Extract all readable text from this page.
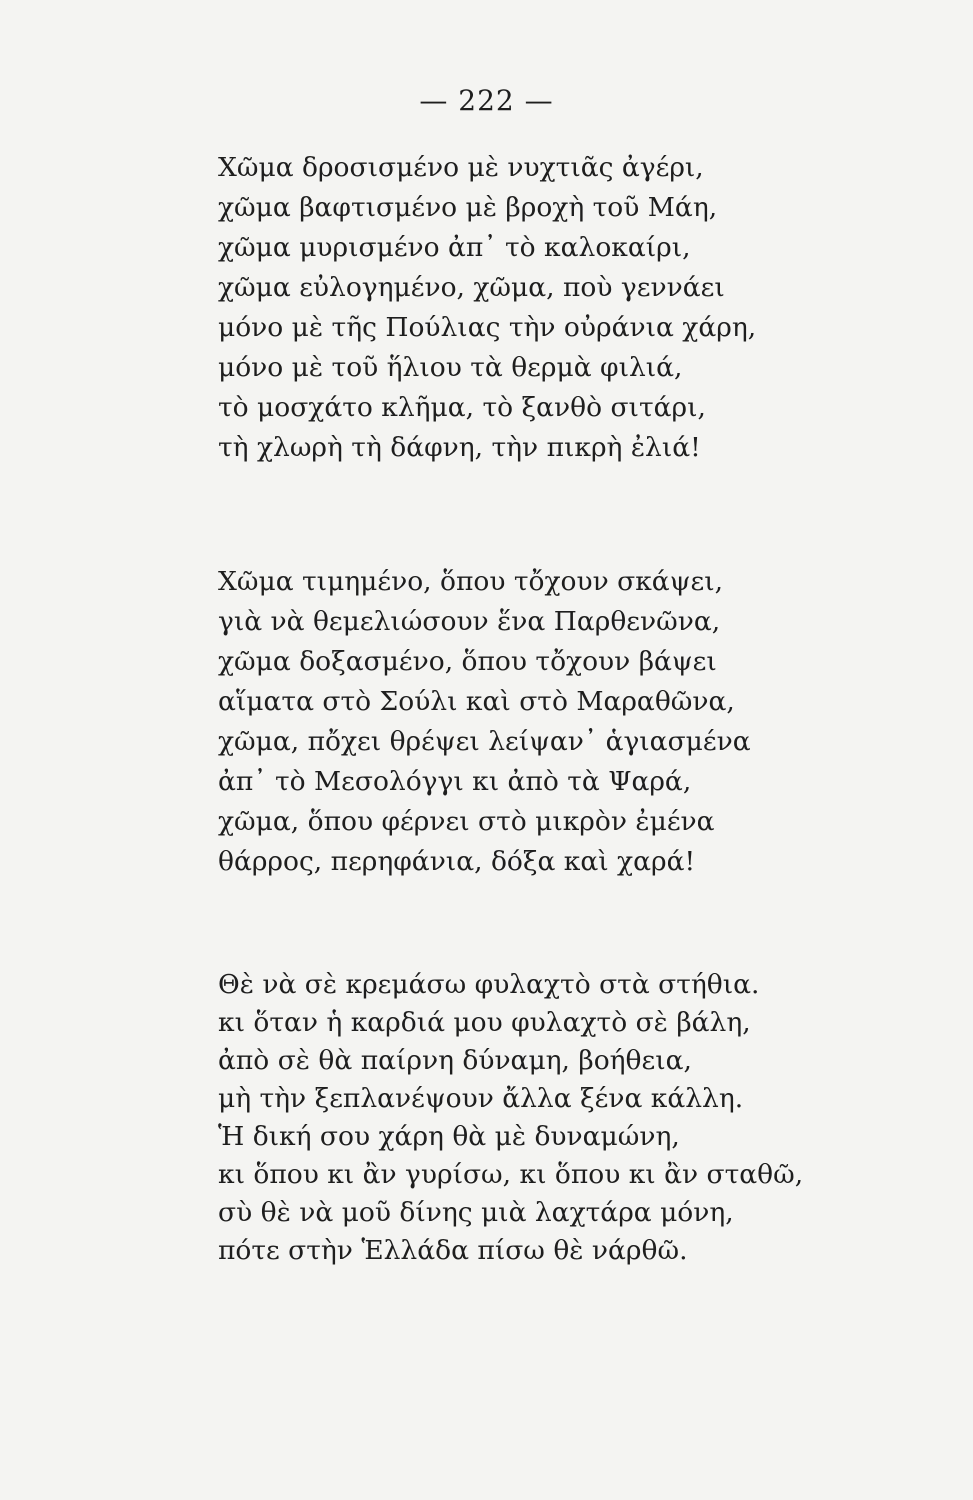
— 222 —
Χῶμα δροσισμένο μὲ νυχτιᾶς ἀγέρι,
χῶμα βαφτισμένο μὲ βροχὴ τοῦ Μάη,
χῶμα μυρισμένο ἀπ᾽ τὸ καλοκαίρι,
χῶμα εὐλογημένο, χῶμα, ποὺ γεννάει
μόνο μὲ τῆς Πούλιας τὴν οὐράνια χάρη,
μόνο μὲ τοῦ ἥλιου τὰ θερμὰ φιλιά,
τὸ μοσχάτο κλῆμα, τὸ ξανθὸ σιτάρι,
τὴ χλωρὴ τὴ δάφνη, τὴν πικρὴ ἐλιά!
Χῶμα τιμημένο, ὅπου τὄχουν σκάψει,
γιὰ νὰ θεμελιώσουν ἕνα Παρθενῶνα,
χῶμα δοξασμένο, ὅπου τὄχουν βάψει
αἵματα στὸ Σούλι καὶ στὸ Μαραθῶνα,
χῶμα, πὄχει θρέψει λείψαν᾽ ἁγιασμένα
ἀπ᾽ τὸ Μεσολόγγι κι ἀπὸ τὰ Ψαρά,
χῶμα, ὅπου φέρνει στὸ μικρὸν ἐμένα
θάρρος, περηφάνια, δόξα καὶ χαρά!
Θὲ νὰ σὲ κρεμάσω φυλαχτὸ στὰ στήθια.
κι ὅταν ἡ καρδιά μου φυλαχτὸ σὲ βάλη,
ἀπὸ σὲ θὰ παίρνη δύναμη, βοήθεια,
μὴ τὴν ξεπλανέψουν ἄλλα ξένα κάλλη.
Ἡ δική σου χάρη θὰ μὲ δυναμώνη,
κι ὅπου κι ἂν γυρίσω, κι ὅπου κι ἂν σταθῶ,
σὺ θὲ νὰ μοῦ δίνης μιὰ λαχτάρα μόνη,
πότε στὴν Ἑλλάδα πίσω θὲ νάρθῶ.
